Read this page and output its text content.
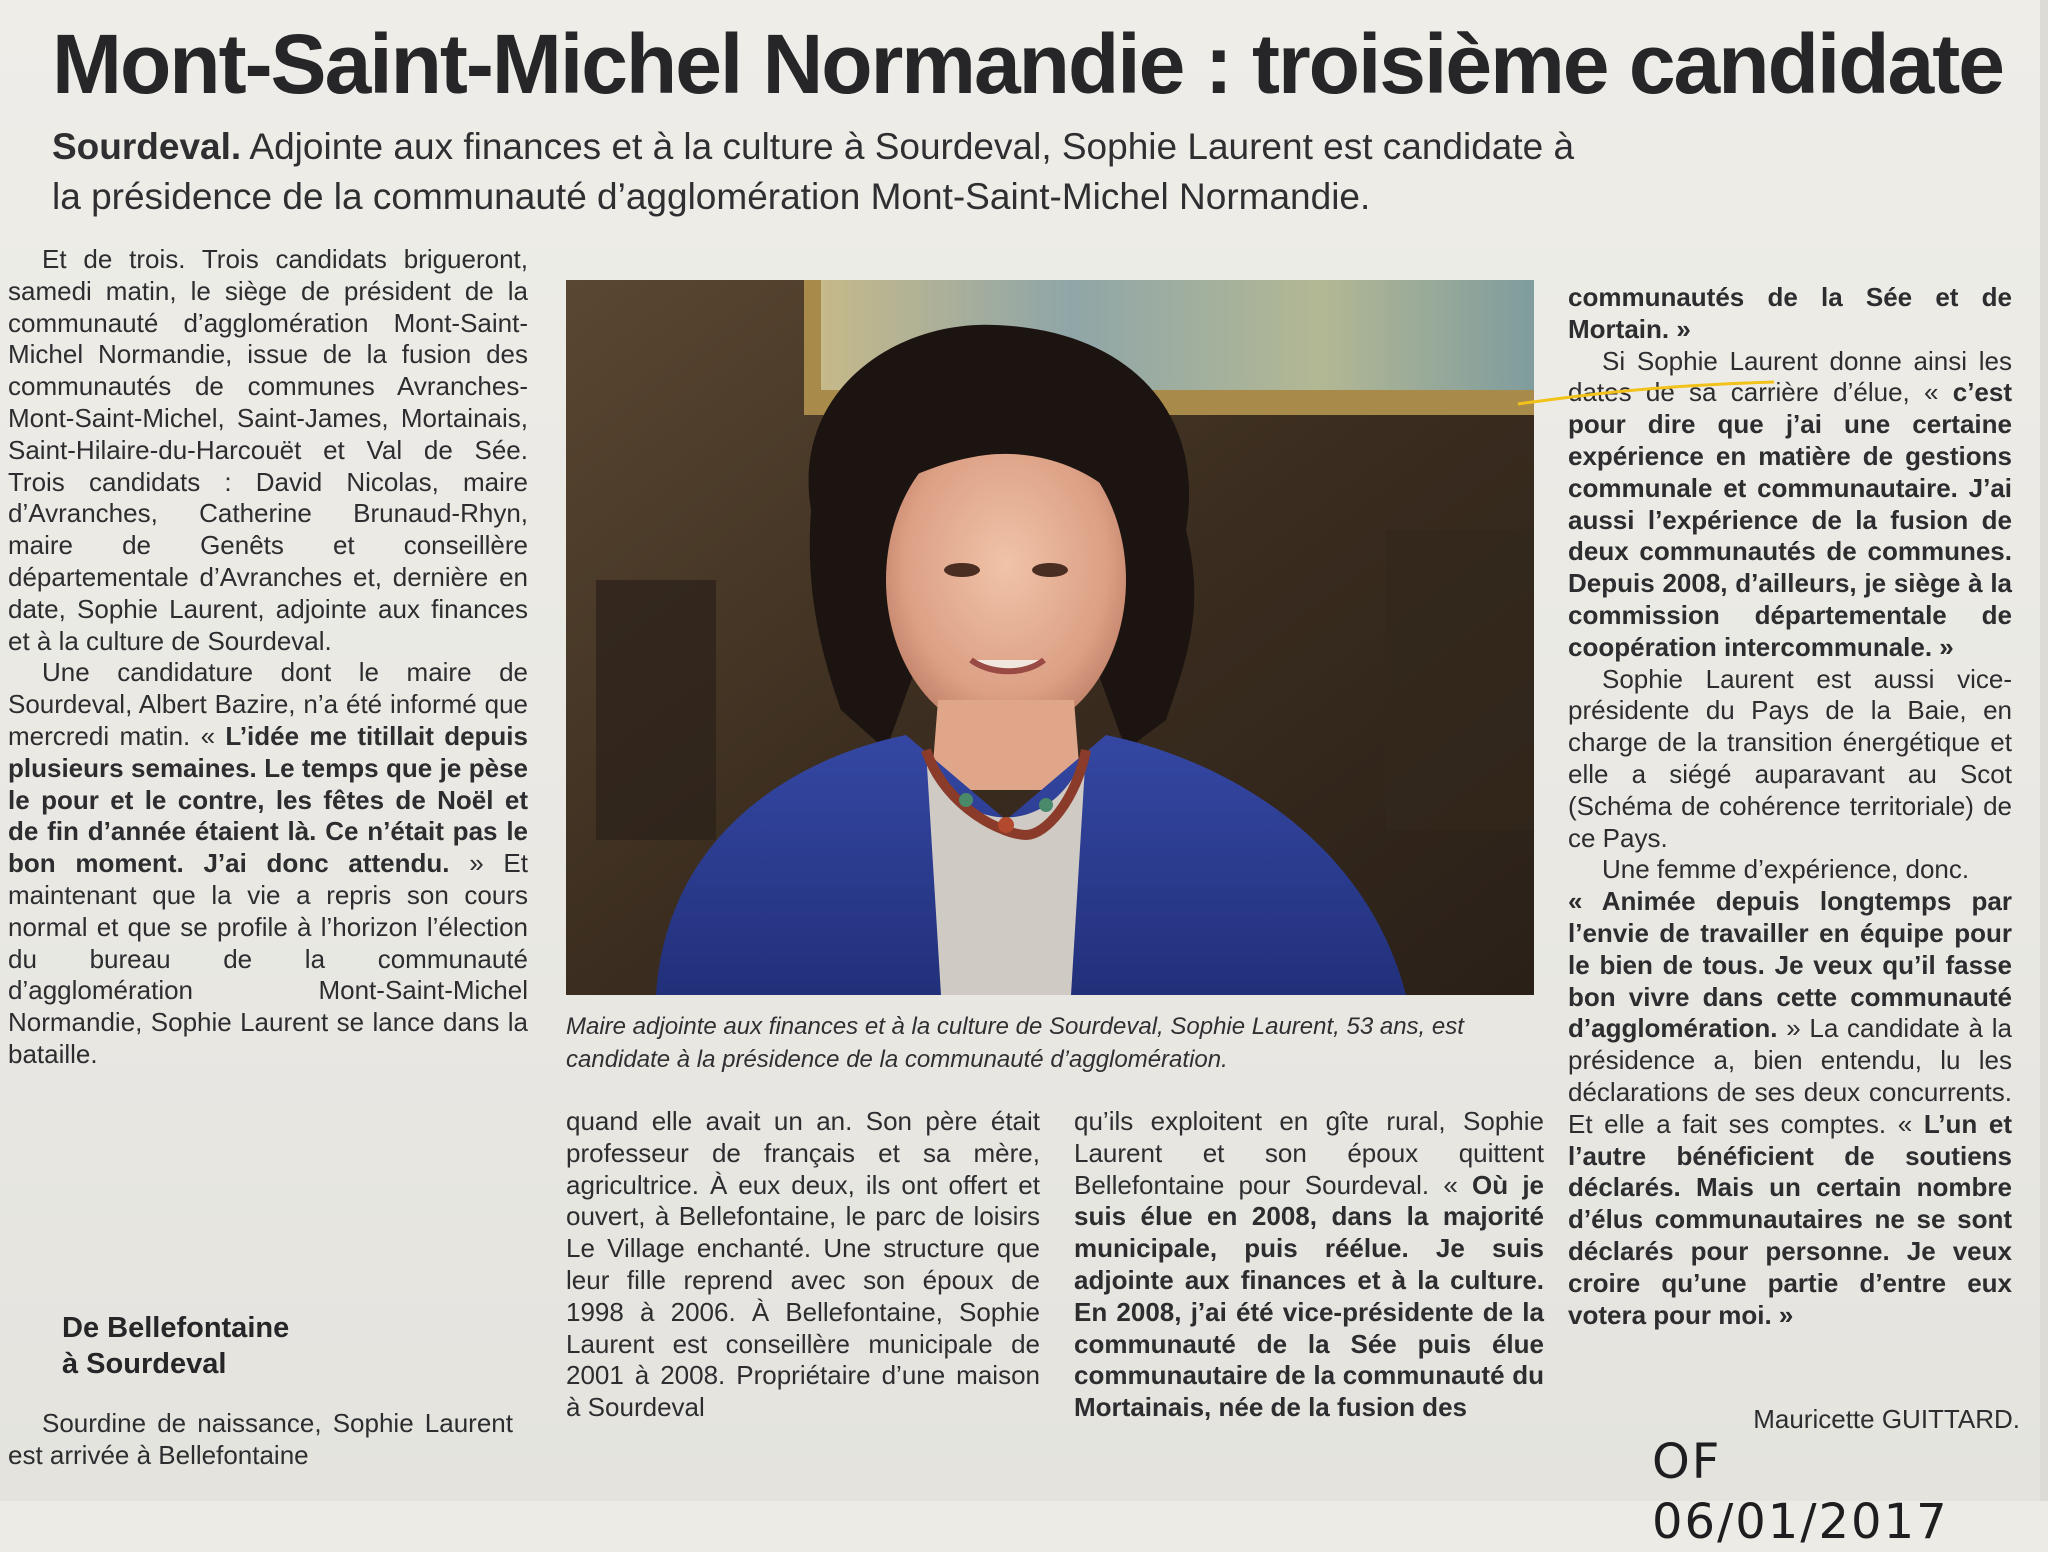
Mont-Saint-Michel Normandie : troisième candidate

Sourdeval. Adjointe aux finances et à la culture à Sourdeval, Sophie Laurent est candidate à la présidence de la communauté d’agglomération Mont-Saint-Michel Normandie.

Et de trois. Trois candidats brigueront, samedi matin, le siège de président de la communauté d’agglomération Mont-Saint-Michel Normandie, issue de la fusion des communautés de communes Avranches-Mont-Saint-Michel, Saint-James, Mortainais, Saint-Hilaire-du-Harcouët et Val de Sée. Trois candidats : David Nicolas, maire d’Avranches, Catherine Brunaud-Rhyn, maire de Genêts et conseillère départementale d’Avranches et, dernière en date, Sophie Laurent, adjointe aux finances et à la culture de Sourdeval.

Une candidature dont le maire de Sourdeval, Albert Bazire, n’a été informé que mercredi matin. « L’idée me titillait depuis plusieurs semaines. Le temps que je pèse le pour et le contre, les fêtes de Noël et de fin d’année étaient là. Ce n’était pas le bon moment. J’ai donc attendu. » Et maintenant que la vie a repris son cours normal et que se profile à l’horizon l’élection du bureau de la communauté d’agglomération Mont-Saint-Michel Normandie, Sophie Laurent se lance dans la bataille.

De Bellefontaine
à Sourdeval

Sourdine de naissance, Sophie Laurent est arrivée à Bellefontaine

Maire adjointe aux finances et à la culture de Sourdeval, Sophie Laurent, 53 ans, est candidate à la présidence de la communauté d’agglomération.

quand elle avait un an. Son père était professeur de français et sa mère, agricultrice. À eux deux, ils ont offert et ouvert, à Bellefontaine, le parc de loisirs Le Village enchanté. Une structure que leur fille reprend avec son époux de 1998 à 2006. À Bellefontaine, Sophie Laurent est conseillère municipale de 2001 à 2008. Propriétaire d’une maison à Sourdeval

qu’ils exploitent en gîte rural, Sophie Laurent et son époux quittent Bellefontaine pour Sourdeval. « Où je suis élue en 2008, dans la majorité municipale, puis réélue. Je suis adjointe aux finances et à la culture. En 2008, j’ai été vice-présidente de la communauté de la Sée puis élue communautaire de la communauté du Mortainais, née de la fusion des

communautés de la Sée et de Mortain. »

Si Sophie Laurent donne ainsi les dates de sa carrière d’élue, « c’est pour dire que j’ai une certaine expérience en matière de gestions communale et communautaire. J’ai aussi l’expérience de la fusion de deux communautés de communes. Depuis 2008, d’ailleurs, je siège à la commission départementale de coopération intercommunale. »

Sophie Laurent est aussi vice-présidente du Pays de la Baie, en charge de la transition énergétique et elle a siégé auparavant au Scot (Schéma de cohérence territoriale) de ce Pays.

Une femme d’expérience, donc.

« Animée depuis longtemps par l’envie de travailler en équipe pour le bien de tous. Je veux qu’il fasse bon vivre dans cette communauté d’agglomération. » La candidate à la présidence a, bien entendu, lu les déclarations de ses deux concurrents. Et elle a fait ses comptes. « L’un et l’autre bénéficient de soutiens déclarés. Mais un certain nombre d’élus communautaires ne se sont déclarés pour personne. Je veux croire qu’une partie d’entre eux votera pour moi. »

Mauricette GUITTARD.
OF 06/01/2017
